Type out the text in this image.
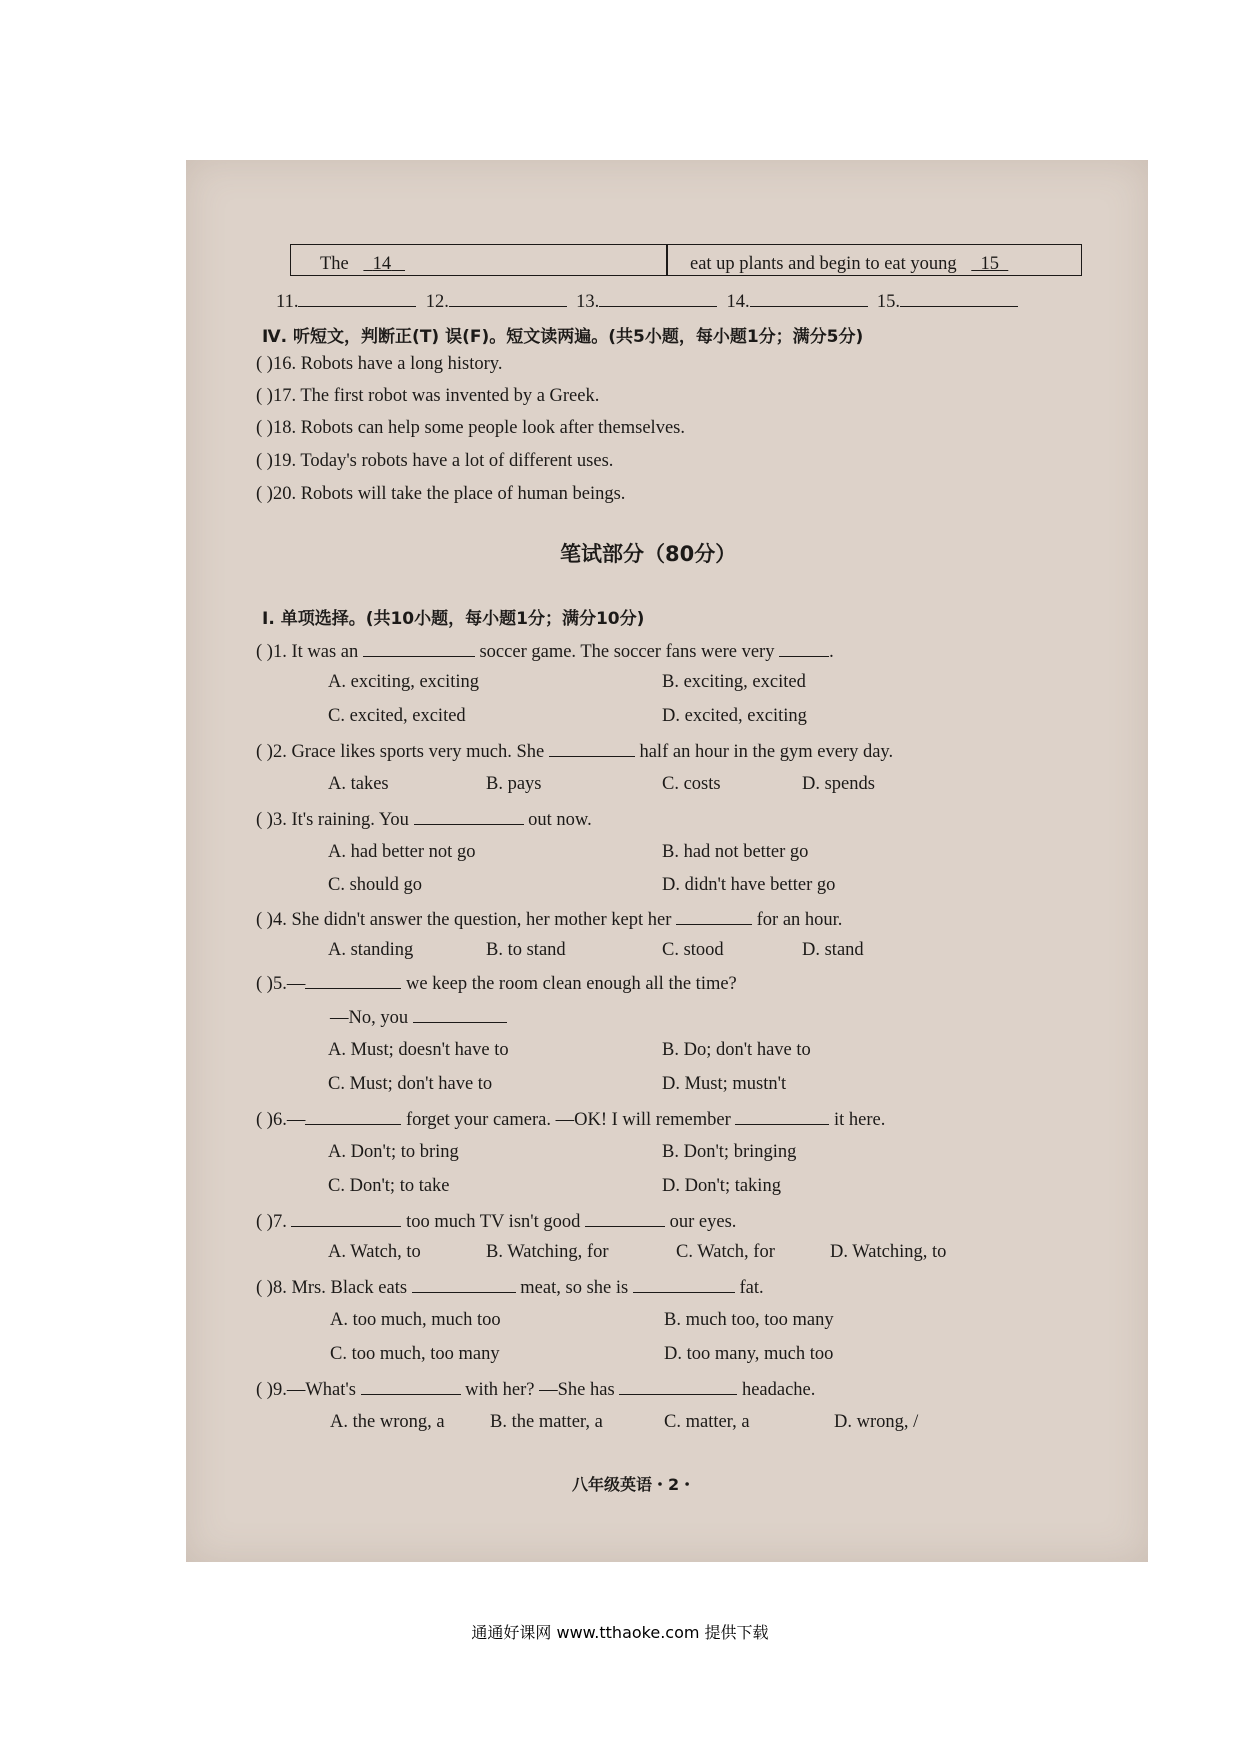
The 14	eat up plants and begin to eat young 15
11.	12.	13.	14.	15.
Ⅳ. 听短文，判断正(T) 误(F)。短文读两遍。(共5小题，每小题1分；满分5分)
( )16. Robots have a long history.
( )17. The first robot was invented by a Greek.
( )18. Robots can help some people look after themselves.
( )19. Today's robots have a lot of different uses.
( )20. Robots will take the place of human beings.
笔试部分（80分）
Ⅰ. 单项选择。(共10小题，每小题1分；满分10分)
( )1. It was an	soccer game. The soccer fans were very	.
A. exciting, exciting	B. exciting, excited
C. excited, excited	D. excited, exciting
( )2. Grace likes sports very much. She	half an hour in the gym every day.
A. takes	B. pays	C. costs	D. spends
( )3. It's raining. You	out now.
A. had better not go	B. had not better go
C. should go	D. didn't have better go
( )4. She didn't answer the question, her mother kept her	for an hour.
A. standing	B. to stand	C. stood	D. stand
( )5.—	we keep the room clean enough all the time?
—No, you
A. Must; doesn't have to	B. Do; don't have to
C. Must; don't have to	D. Must; mustn't
( )6.—	forget your camera. —OK! I will remember	it here.
A. Don't; to bring	B. Don't; bringing
C. Don't; to take	D. Don't; taking
( )7.	too much TV isn't good	our eyes.
A. Watch, to	B. Watching, for	C. Watch, for	D. Watching, to
( )8. Mrs. Black eats	meat, so she is	fat.
A. too much, much too	B. much too, too many
C. too much, too many	D. too many, much too
( )9.—What's	with her? —She has	headache.
A. the wrong, a B. the matter, a	C. matter, a	D. wrong, /
八年级英语・2・
通通好课网 www.tthaoke.com 提供下载
